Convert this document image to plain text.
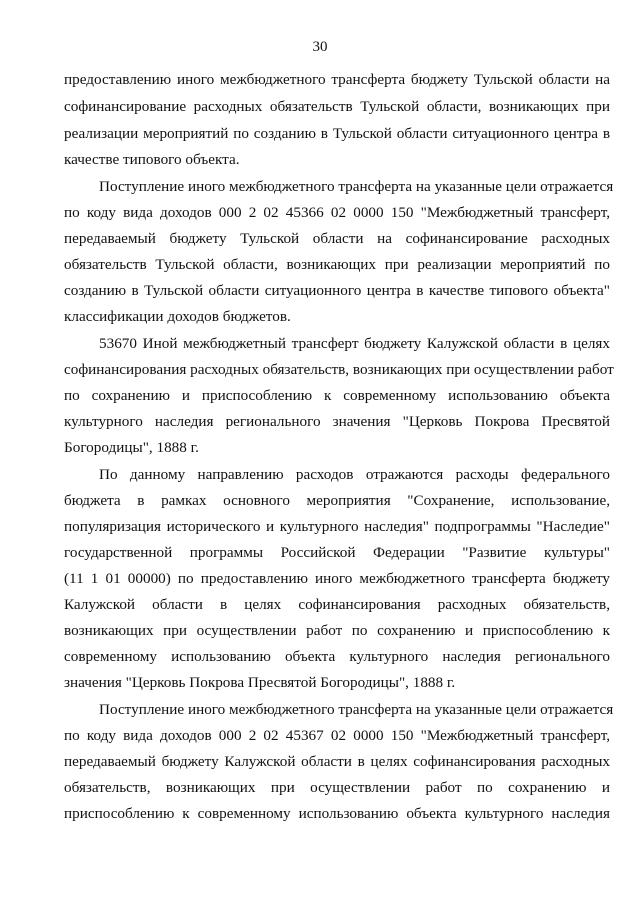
30
предоставлению иного межбюджетного трансферта бюджету Тульской области на
софинансирование расходных обязательств Тульской области, возникающих при
реализации мероприятий по созданию в Тульской области ситуационного центра в
качестве типового объекта.
Поступление иного межбюджетного трансферта на указанные цели отражается
по коду вида доходов 000 2 02 45366 02 0000 150 "Межбюджетный трансферт,
передаваемый бюджету Тульской области на софинансирование расходных
обязательств Тульской области, возникающих при реализации мероприятий по
созданию в Тульской области ситуационного центра в качестве типового объекта"
классификации доходов бюджетов.
53670 Иной межбюджетный трансферт бюджету Калужской области в целях
софинансирования расходных обязательств, возникающих при осуществлении работ
по сохранению и приспособлению к современному использованию объекта
культурного наследия регионального значения "Церковь Покрова Пресвятой
Богородицы", 1888 г.
По данному направлению расходов отражаются расходы федерального
бюджета в рамках основного мероприятия "Сохранение, использование,
популяризация исторического и культурного наследия" подпрограммы "Наследие"
государственной программы Российской Федерации "Развитие культуры"
(11 1 01 00000) по предоставлению иного межбюджетного трансферта бюджету
Калужской области в целях софинансирования расходных обязательств,
возникающих при осуществлении работ по сохранению и приспособлению к
современному использованию объекта культурного наследия регионального
значения "Церковь Покрова Пресвятой Богородицы", 1888 г.
Поступление иного межбюджетного трансферта на указанные цели отражается
по коду вида доходов 000 2 02 45367 02 0000 150 "Межбюджетный трансферт,
передаваемый бюджету Калужской области в целях софинансирования расходных
обязательств, возникающих при осуществлении работ по сохранению и
приспособлению к современному использованию объекта культурного наследия
